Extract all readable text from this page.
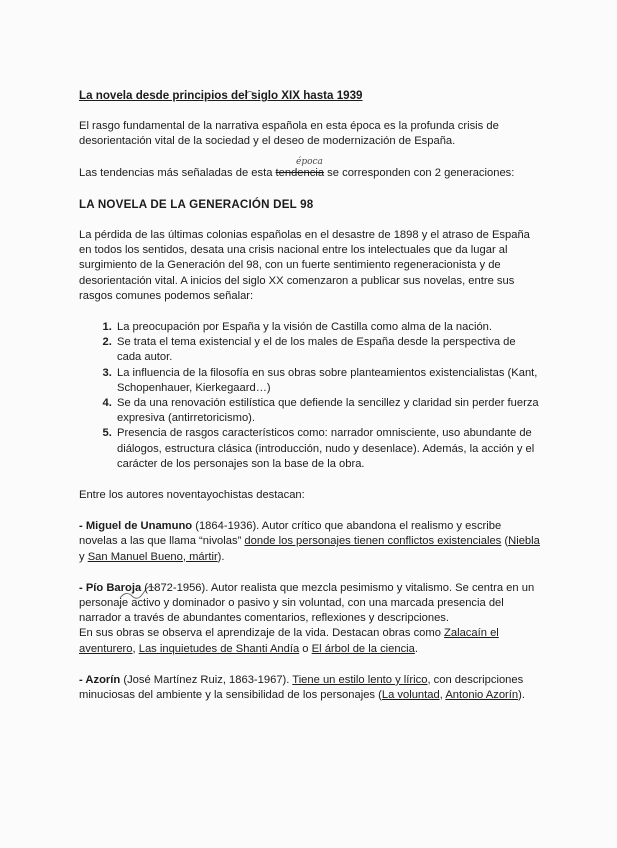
época
La novela desde principios del siglo XIX hasta 1939

El rasgo fundamental de la narrativa española en esta época es la profunda crisis de desorientación vital de la sociedad y el deseo de modernización de España.

Las tendencias más señaladas de esta tendencia se corresponden con 2 generaciones:

LA NOVELA DE LA GENERACIÓN DEL 98

La pérdida de las últimas colonias españolas en el desastre de 1898 y el atraso de España en todos los sentidos, desata una crisis nacional entre los intelectuales que da lugar al surgimiento de la Generación del 98, con un fuerte sentimiento regeneracionista y de desorientación vital. A inicios del siglo XX comenzaron a publicar sus novelas, entre sus rasgos comunes podemos señalar:

1. La preocupación por España y la visión de Castilla como alma de la nación.
2. Se trata el tema existencial y el de los males de España desde la perspectiva de cada autor.
3. La influencia de la filosofía en sus obras sobre planteamientos existencialistas (Kant, Schopenhauer, Kierkegaard…)
4. Se da una renovación estilística que defiende la sencillez y claridad sin perder fuerza expresiva (antirretoricismo).
5. Presencia de rasgos característicos como: narrador omnisciente, uso abundante de diálogos, estructura clásica (introducción, nudo y desenlace). Además, la acción y el carácter de los personajes son la base de la obra.

Entre los autores noventayochistas destacan:

- Miguel de Unamuno (1864-1936). Autor crítico que abandona el realismo y escribe novelas a las que llama “nivolas” donde los personajes tienen conflictos existenciales (Niebla y San Manuel Bueno, mártir).

- Pío Baroja (1872-1956). Autor realista que mezcla pesimismo y vitalismo. Se centra en un personaje activo y dominador o pasivo y sin voluntad, con una marcada presencia del narrador a través de abundantes comentarios, reflexiones y descripciones.

En sus obras se observa el aprendizaje de la vida. Destacan obras como Zalacaín el aventurero, Las inquietudes de Shanti Andía o El árbol de la ciencia.

- Azorín (José Martínez Ruiz, 1863-1967). Tiene un estilo lento y lírico, con descripciones minuciosas del ambiente y la sensibilidad de los personajes (La voluntad, Antonio Azorín).
